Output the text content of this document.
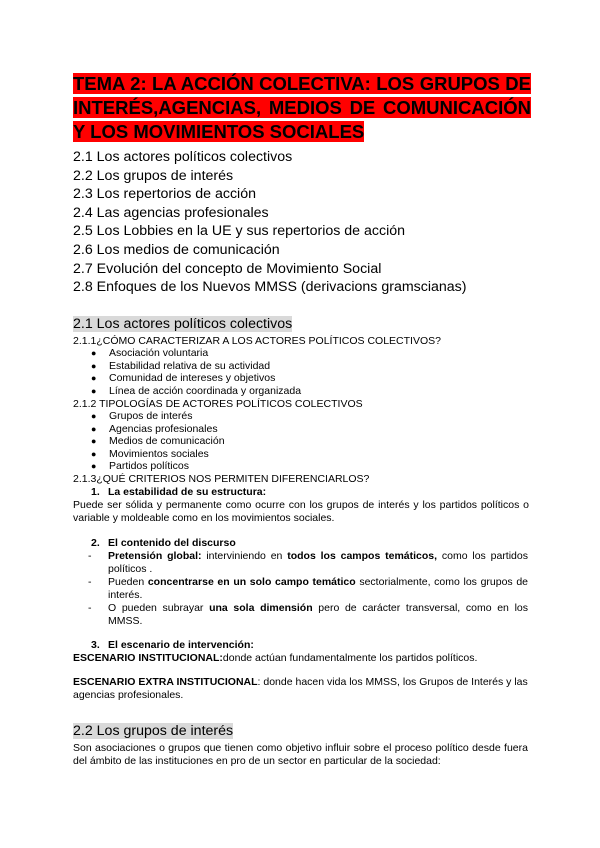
TEMA 2: LA ACCIÓN COLECTIVA: LOS GRUPOS DE
INTERÉS,AGENCIAS, MEDIOS DE COMUNICACIÓN
Y LOS MOVIMIENTOS SOCIALES
2.1 Los actores políticos colectivos
2.2 Los grupos de interés
2.3 Los repertorios de acción
2.4 Las agencias profesionales
2.5 Los Lobbies en la UE y sus repertorios de acción
2.6 Los medios de comunicación
2.7 Evolución del concepto de Movimiento Social
2.8 Enfoques de los Nuevos MMSS (derivacions gramscianas)
2.1 Los actores políticos colectivos
2.1.1¿CÓMO CARACTERIZAR A LOS ACTORES POLÍTICOS COLECTIVOS?
● Asociación voluntaria
● Estabilidad relativa de su actividad
● Comunidad de intereses y objetivos
● Línea de acción coordinada y organizada
2.1.2 TIPOLOGÍAS DE ACTORES POLÍTICOS COLECTIVOS
● Grupos de interés
● Agencias profesionales
● Medios de comunicación
● Movimientos sociales
● Partidos políticos
2.1.3¿QUÉ CRITERIOS NOS PERMITEN DIFERENCIARLOS?
1. La estabilidad de su estructura:
Puede ser sólida y permanente como ocurre con los grupos de interés y los partidos políticos o variable y moldeable como en los movimientos sociales.
2. El contenido del discurso
- Pretensión global: interviniendo en todos los campos temáticos, como los partidos políticos .
- Pueden concentrarse en un solo campo temático sectorialmente, como los grupos de interés.
- O pueden subrayar una sola dimensión pero de carácter transversal, como en los MMSS.
3. El escenario de intervención:
ESCENARIO INSTITUCIONAL:donde actúan fundamentalmente los partidos políticos.
ESCENARIO EXTRA INSTITUCIONAL: donde hacen vida los MMSS, los Grupos de Interés y las agencias profesionales.
2.2 Los grupos de interés
Son asociaciones o grupos que tienen como objetivo influir sobre el proceso político desde fuera del ámbito de las instituciones en pro de un sector en particular de la sociedad:
